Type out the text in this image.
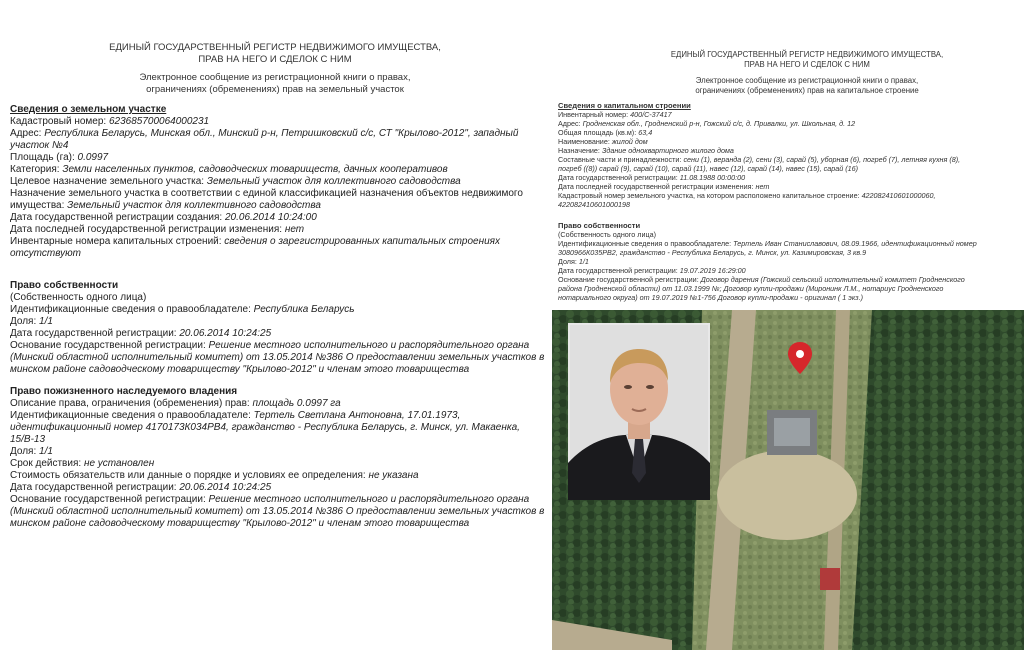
ЕДИНЫЙ ГОСУДАРСТВЕННЫЙ РЕГИСТР НЕДВИЖИМОГО ИМУЩЕСТВА,
ПРАВ НА НЕГО И СДЕЛОК С НИМ
Электронное сообщение из регистрационной книги о правах,
ограничениях (обременениях) прав на земельный участок
Сведения о земельном участке
Кадастровый номер: 623685700064000231
Адрес: Республика Беларусь, Минская обл., Минский р-н, Петришковский с/с, СТ "Крылово-2012", западный
участок №4
Площадь (га): 0.0997
Категория: Земли населенных пунктов, садоводческих товариществ, дачных кооперативов
Целевое назначение земельного участка: Земельный участок для коллективного садоводства
Назначение земельного участка в соответствии с единой классификацией назначения объектов недвижимого
имущества: Земельный участок для коллективного садоводства
Дата государственной регистрации создания: 20.06.2014 10:24:00
Дата последней государственной регистрации изменения: нет
Инвентарные номера капитальных строений: сведения о зарегистрированных капитальных строениях
отсутствуют
Право собственности
(Собственность одного лица)
Идентификационные сведения о правообладателе: Республика Беларусь
Доля: 1/1
Дата государственной регистрации: 20.06.2014 10:24:25
Основание государственной регистрации: Решение местного исполнительного и распорядительного органа
(Минский областной исполнительный комитет) от 13.05.2014 №386 О предоставлении земельных участков в
минском районе садоводческому товариществу "Крылово-2012" и членам этого товарищества
Право пожизненного наследуемого владения
Описание права, ограничения (обременения) прав: площадь 0.0997 га
Идентификационные сведения о правообладателе: Тертель Светлана Антоновна, 17.01.1973,
идентификационный номер 4170173К034РВ4, гражданство - Республика Беларусь, г. Минск, ул. Макаенка,
15/В-13
Доля: 1/1
Срок действия: не установлен
Стоимость обязательств или данные о порядке и условиях ее определения: не указана
Дата государственной регистрации: 20.06.2014 10:24:25
Основание государственной регистрации: Решение местного исполнительного и распорядительного органа
(Минский областной исполнительный комитет) от 13.05.2014 №386 О предоставлении земельных участков в
минском районе садоводческому товариществу "Крылово-2012" и членам этого товарищества
ЕДИНЫЙ ГОСУДАРСТВЕННЫЙ РЕГИСТР НЕДВИЖИМОГО ИМУЩЕСТВА,
ПРАВ НА НЕГО И СДЕЛОК С НИМ
Электронное сообщение из регистрационной книги о правах,
ограничениях (обременениях) прав на капитальное строение
Сведения о капитальном строении
Инвентарный номер: 400/С-37417
Адрес: Гродненская обл., Гродненский р-н, Гожский с/с, д. Привалки, ул. Школьная, д. 12
Общая площадь (кв.м): 63,4
Наименование: жилой дом
Назначение: Здание одноквартирного жилого дома
Составные части и принадлежности: сени (1), веранда (2), сени (3), сарай (5), уборная (6), погреб (7), летняя кухня (8),
погреб ((8)) сарай (9), сарай (10), сарай (11), навес (12), сарай (14), навес (15), сарай (16)
Дата государственной регистрации: 11.08.1988 00:00:00
Дата последней государственной регистрации изменения: нет
Кадастровый номер земельного участка, на котором расположено капитальное строение: 422082410601000060,
422082410601000198
Право собственности
(Собственность одного лица)
Идентификационные сведения о правообладателе: Тертель Иван Станиславович, 08.09.1966, идентификационный номер
3080966К035РВ2, гражданство - Республика Беларусь, г. Минск, ул. Казимировская, 3 кв.9
Доля: 1/1
Дата государственной регистрации: 19.07.2019 16:29:00
Основание государственной регистрации: Договор дарения (Гожский сельский исполнительный комитет Гродненского
района Гродненской области) от 11.03.1999 №; Договор купли-продажи (Миронинк Л.М., нотариус Гродненского
нотариального округа) от 19.07.2019 №1-756 Договор купли-продажи - оригинал ( 1 экз.)
